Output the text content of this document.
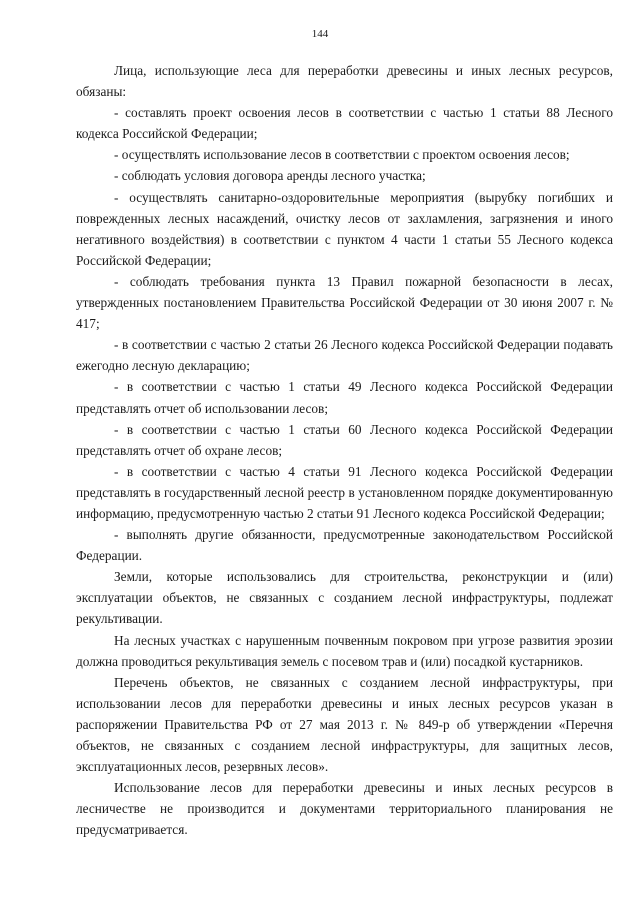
144

Лица, использующие леса для переработки древесины и иных лесных ресурсов, обязаны:

- составлять проект освоения лесов в соответствии с частью 1 статьи 88 Лесного кодекса Российской Федерации;

- осуществлять использование лесов в соответствии с проектом освоения лесов;

- соблюдать условия договора аренды лесного участка;

- осуществлять санитарно-оздоровительные мероприятия (вырубку погибших и поврежденных лесных насаждений, очистку лесов от захламления, загрязнения и иного негативного воздействия) в соответствии с пунктом 4 части 1 статьи 55 Лесного кодекса Российской Федерации;

- соблюдать требования пункта 13 Правил пожарной безопасности в лесах, утвержденных постановлением Правительства Российской Федерации от 30 июня 2007 г. № 417;

- в соответствии с частью 2 статьи 26 Лесного кодекса Российской Федерации подавать ежегодно лесную декларацию;

- в соответствии с частью 1 статьи 49 Лесного кодекса Российской Федерации представлять отчет об использовании лесов;

- в соответствии с частью 1 статьи 60 Лесного кодекса Российской Федерации представлять отчет об охране лесов;

- в соответствии с частью 4 статьи 91 Лесного кодекса Российской Федерации представлять в государственный лесной реестр в установленном порядке документированную информацию, предусмотренную частью 2 статьи 91 Лесного кодекса Российской Федерации;

- выполнять другие обязанности, предусмотренные законодательством Российской Федерации.

Земли, которые использовались для строительства, реконструкции и (или) эксплуатации объектов, не связанных с созданием лесной инфраструктуры, подлежат рекультивации.

На лесных участках с нарушенным почвенным покровом при угрозе развития эрозии должна проводиться рекультивация земель с посевом трав и (или) посадкой кустарников.

Перечень объектов, не связанных с созданием лесной инфраструктуры, при использовании лесов для переработки древесины и иных лесных ресурсов указан в распоряжении Правительства РФ от 27 мая 2013 г. № 849-р об утверждении «Перечня объектов, не связанных с созданием лесной инфраструктуры, для защитных лесов, эксплуатационных лесов, резервных лесов».

Использование лесов для переработки древесины и иных лесных ресурсов в лесничестве не производится и документами территориального планирования не предусматривается.
